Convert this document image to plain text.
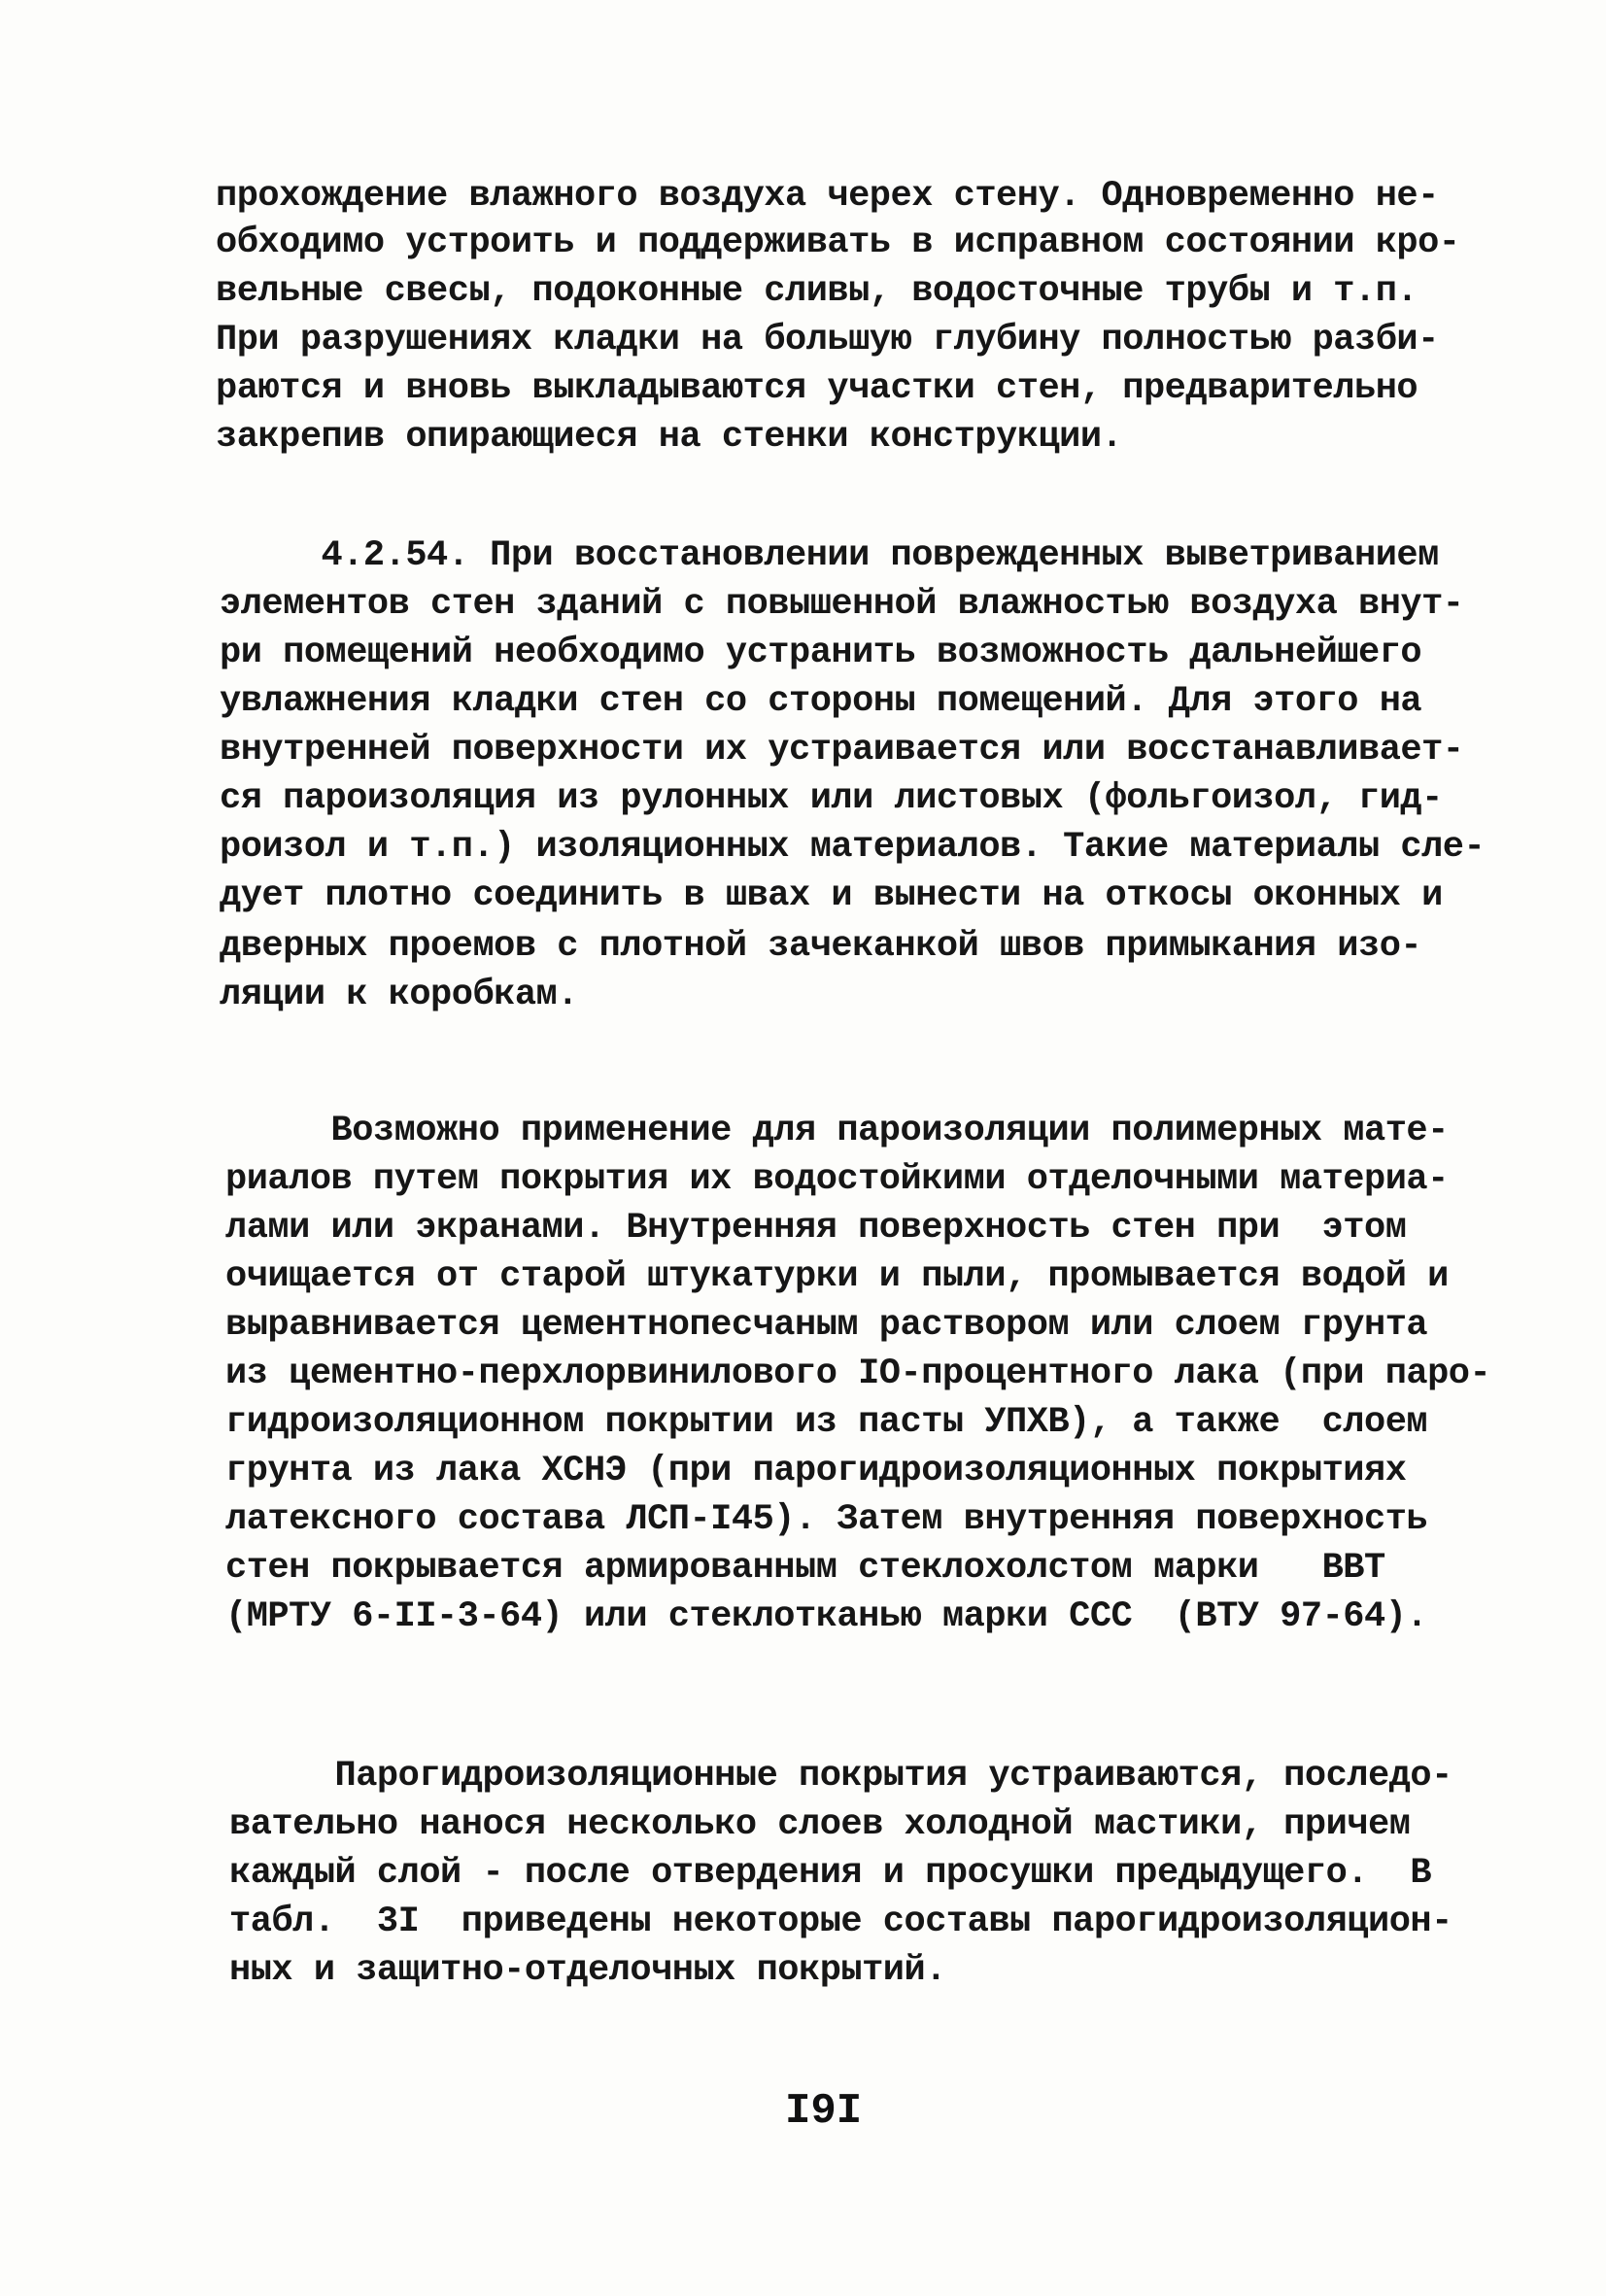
прохождение влажного воздуха черех стену. Одновременно не-
обходимо устроить и поддерживать в исправном состоянии кро-
вельные свесы, подоконные сливы, водосточные трубы и т.п.
При разрушениях кладки на большую глубину полностью разби-
раются и вновь выкладываются участки стен, предварительно
закрепив опирающиеся на стенки конструкции.
4.2.54. При восстановлении поврежденных выветриванием
элементов стен зданий с повышенной влажностью воздуха внут-
ри помещений необходимо устранить возможность дальнейшего
увлажнения кладки стен со стороны помещений. Для этого на
внутренней поверхности их устраивается или восстанавливает-
ся пароизоляция из рулонных или листовых (фольгоизол, гид-
роизол и т.п.) изоляционных материалов. Такие материалы сле-
дует плотно соединить в швах и вынести на откосы оконных и
дверных проемов с плотной зачеканкой швов примыкания изо-
ляции к коробкам.
Возможно применение для пароизоляции полимерных мате-
риалов путем покрытия их водостойкими отделочными материа-
лами или экранами. Внутренняя поверхность стен при  этом
очищается от старой штукатурки и пыли, промывается водой и
выравнивается цементнопесчаным раствором или слоем грунта
из цементно-перхлорвинилового IO-процентного лака (при паро-
гидроизоляционном покрытии из пасты УПХВ), а также  слоем
грунта из лака ХСНЭ (при парогидроизоляционных покрытиях
латексного состава ЛСП-I45). Затем внутренняя поверхность
стен покрывается армированным стеклохолстом марки   ВВТ
(МРТУ 6-II-3-64) или стеклотканью марки ССС  (ВТУ 97-64).
Парогидроизоляционные покрытия устраиваются, последо-
вательно нанося несколько слоев холодной мастики, причем
каждый слой - после отвердения и просушки предыдущего.  В
табл.  3I  приведены некоторые составы парогидроизоляцион-
ных и защитно-отделочных покрытий.
I9I
